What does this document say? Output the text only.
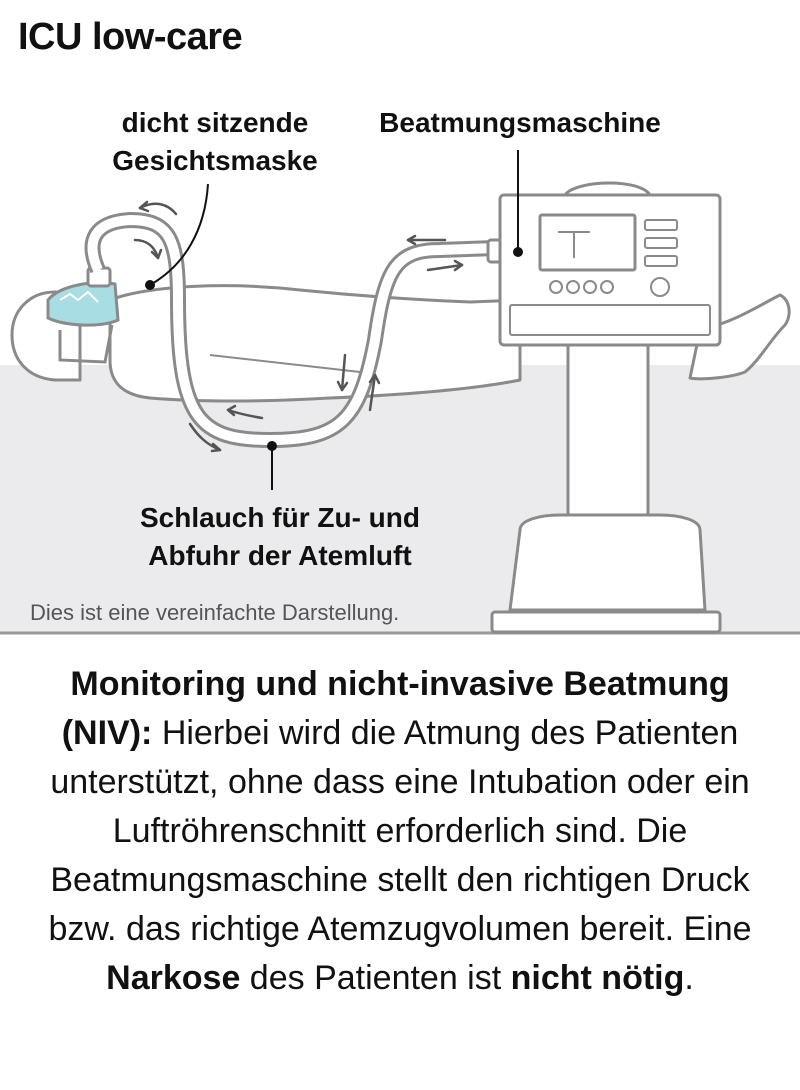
ICU low-care
dicht sitzende
Gesichtsmaske
Beatmungsmaschine
Schlauch für Zu- und
Abfuhr der Atemluft

Dies ist eine vereinfachte Darstellung.

Monitoring und nicht-invasive Beatmung (NIV): Hierbei wird die Atmung des Patienten unterstützt, ohne dass eine Intubation oder ein Luftröhrenschnitt erforderlich sind. Die Beatmungsmaschine stellt den richtigen Druck bzw. das richtige Atemzugvolumen bereit. Eine Narkose des Patienten ist nicht nötig.
